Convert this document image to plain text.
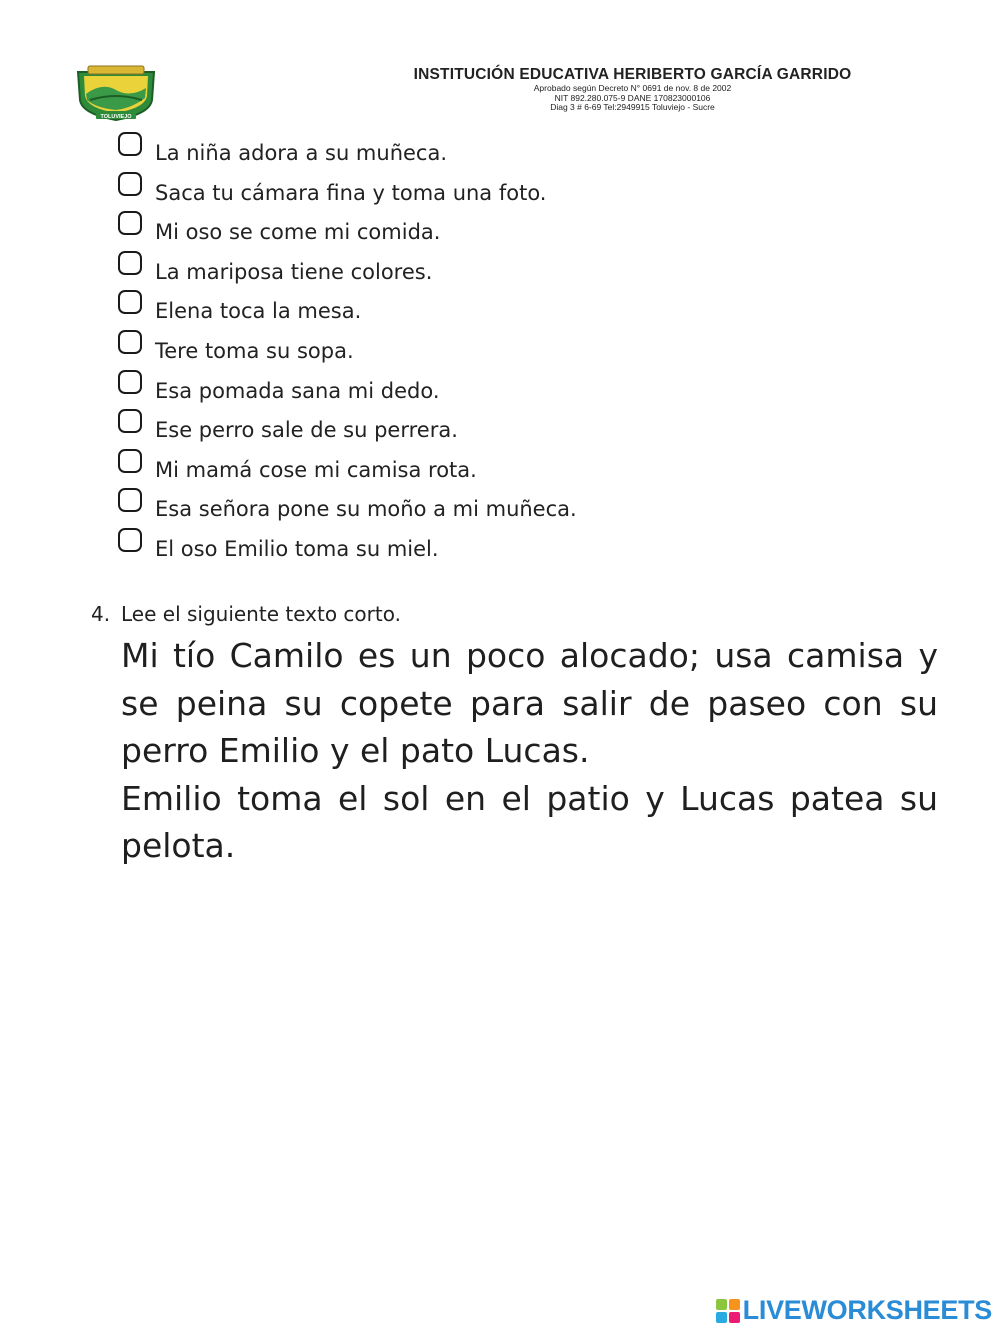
TOLUVIEJO
INSTITUCIÓN EDUCATIVA HERIBERTO GARCÍA GARRIDO
Aprobado según Decreto N° 0691 de nov. 8 de 2002
NIT 892.280.075-9 DANE 170823000106
Diag 3 # 6-69 Tel:2949915 Toluviejo - Sucre
La niña adora a su muñeca.
Saca tu cámara fina y toma una foto.
Mi oso se come mi comida.
La mariposa tiene colores.
Elena toca la mesa.
Tere toma su sopa.
Esa pomada sana mi dedo.
Ese perro sale de su perrera.
Mi mamá cose mi camisa rota.
Esa señora pone su moño a mi muñeca.
El oso Emilio toma su miel.
4. Lee el siguiente texto corto.

Mi tío Camilo es un poco alocado; usa camisa y se peina su copete para salir de paseo con su perro Emilio y el pato Lucas.

Emilio toma el sol en el patio y Lucas patea su pelota.

LIVEWORKSHEETS
